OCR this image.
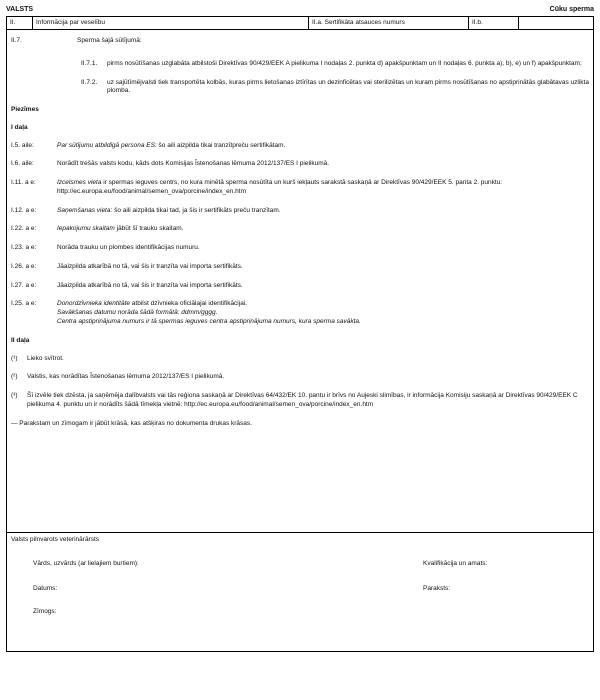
VALSTS	Cūku sperma
II.	Informācija par veselību	II.a. Sertifikāta atsauces numurs	II.b.
II.7.	Sperma šajā sūtījumā:
II.7.1.	pirms nosūtīšanas uzglabāta atbilstoši Direktīvas 90/429/EEK A pielikuma I nodaļas 2. punkta d) apakšpunktam un II nodaļas 6. punkta a), b), e) un f) apakšpunktam;
II.7.2.	uz sajūtīmējvalsti tiek transportēta kolbās, kuras pirms lietošanas iztīrītas un dezinficētas vai sterilizētas un kuram pirms nosūtīšanas no apstiprinātās glabātavas uzlikta plomba.
Piezīmes
I daļa
I.5. aile:	Par sūtījumu atbildīgā persona ES: šo aili aizpilda tikai tranzītpreču sertifikātam.
I.6. aile:	Norādīt trešās valsts kodu, kāds dots Komisijas Īstenošanas lēmuma 2012/137/ES I pielikumā.
I.11. a e:	Izcelsmes vieta ir spermas ieguves centrs, no kura minētā sperma nosūtīta un kurš iekļauts sarakstā saskaņā ar Direktīvas 90/429/EEK 5. panta 2. punktu:
http://ec.europa.eu/food/animal/semen_ova/porcine/index_en.htm
I.12. a e:	Saņemšanas vieta: šo aili aizpilda tikai tad, ja šis ir sertifikāts preču tranzītam.
I.22. a e:	Iepakojumu skaitam jābūt šī trauku skaitam.
I.23. a e:	Norāda trauku un plombes identifikācijas numuru.
I.26. a e:	Jāaizpilda atkarībā no tā, vai šis ir tranzīta vai importa sertifikāts.
I.27. a e:	Jāaizpilda atkarībā no tā, vai šis ir tranzīta vai importa sertifikāts.
I.25. a e:	Donordzīvnieka identitāte atbilst dzīvnieka oficiālajai identifikācijai.
Savākšanas datumu norāda šādā formātā: ddmm/gggg.
Centra apstiprinājuma numurs ir tā spermas ieguves centra apstiprinājuma numurs, kura sperma savākta.
II daļa
(¹)	Lieko svītrot.
(²)	Valstis, kas norādītas Īstenošanas lēmuma 2012/137/ES I pielikumā.
(³)	Šī izvēle tiek dzēsta, ja saņēmēja dalībvalsts vai tās reģiona saskaņā ar Direktīvas 64/432/EK 10. pantu ir brīvs no Aujeski slimības, ir informācija Komisiju saskaņā ar Direktīvas 90/429/EEK C pielikuma 4. punktu un ir norādīts šādā tīmekļa vietnē: http://ec.europa.eu/food/animal/semen_ova/porcine/index_en.htm
— Parakstam un zīmogam ir jābūt krāsā, kas atšķiras no dokumenta drukas krāsas.
Valsts pilnvarots veterinārārsts
Vārds, uzvārds (ar lielajiem burtiem):	Kvalifikācija un amats:
Datums:	Paraksts:
Zīmogs:
